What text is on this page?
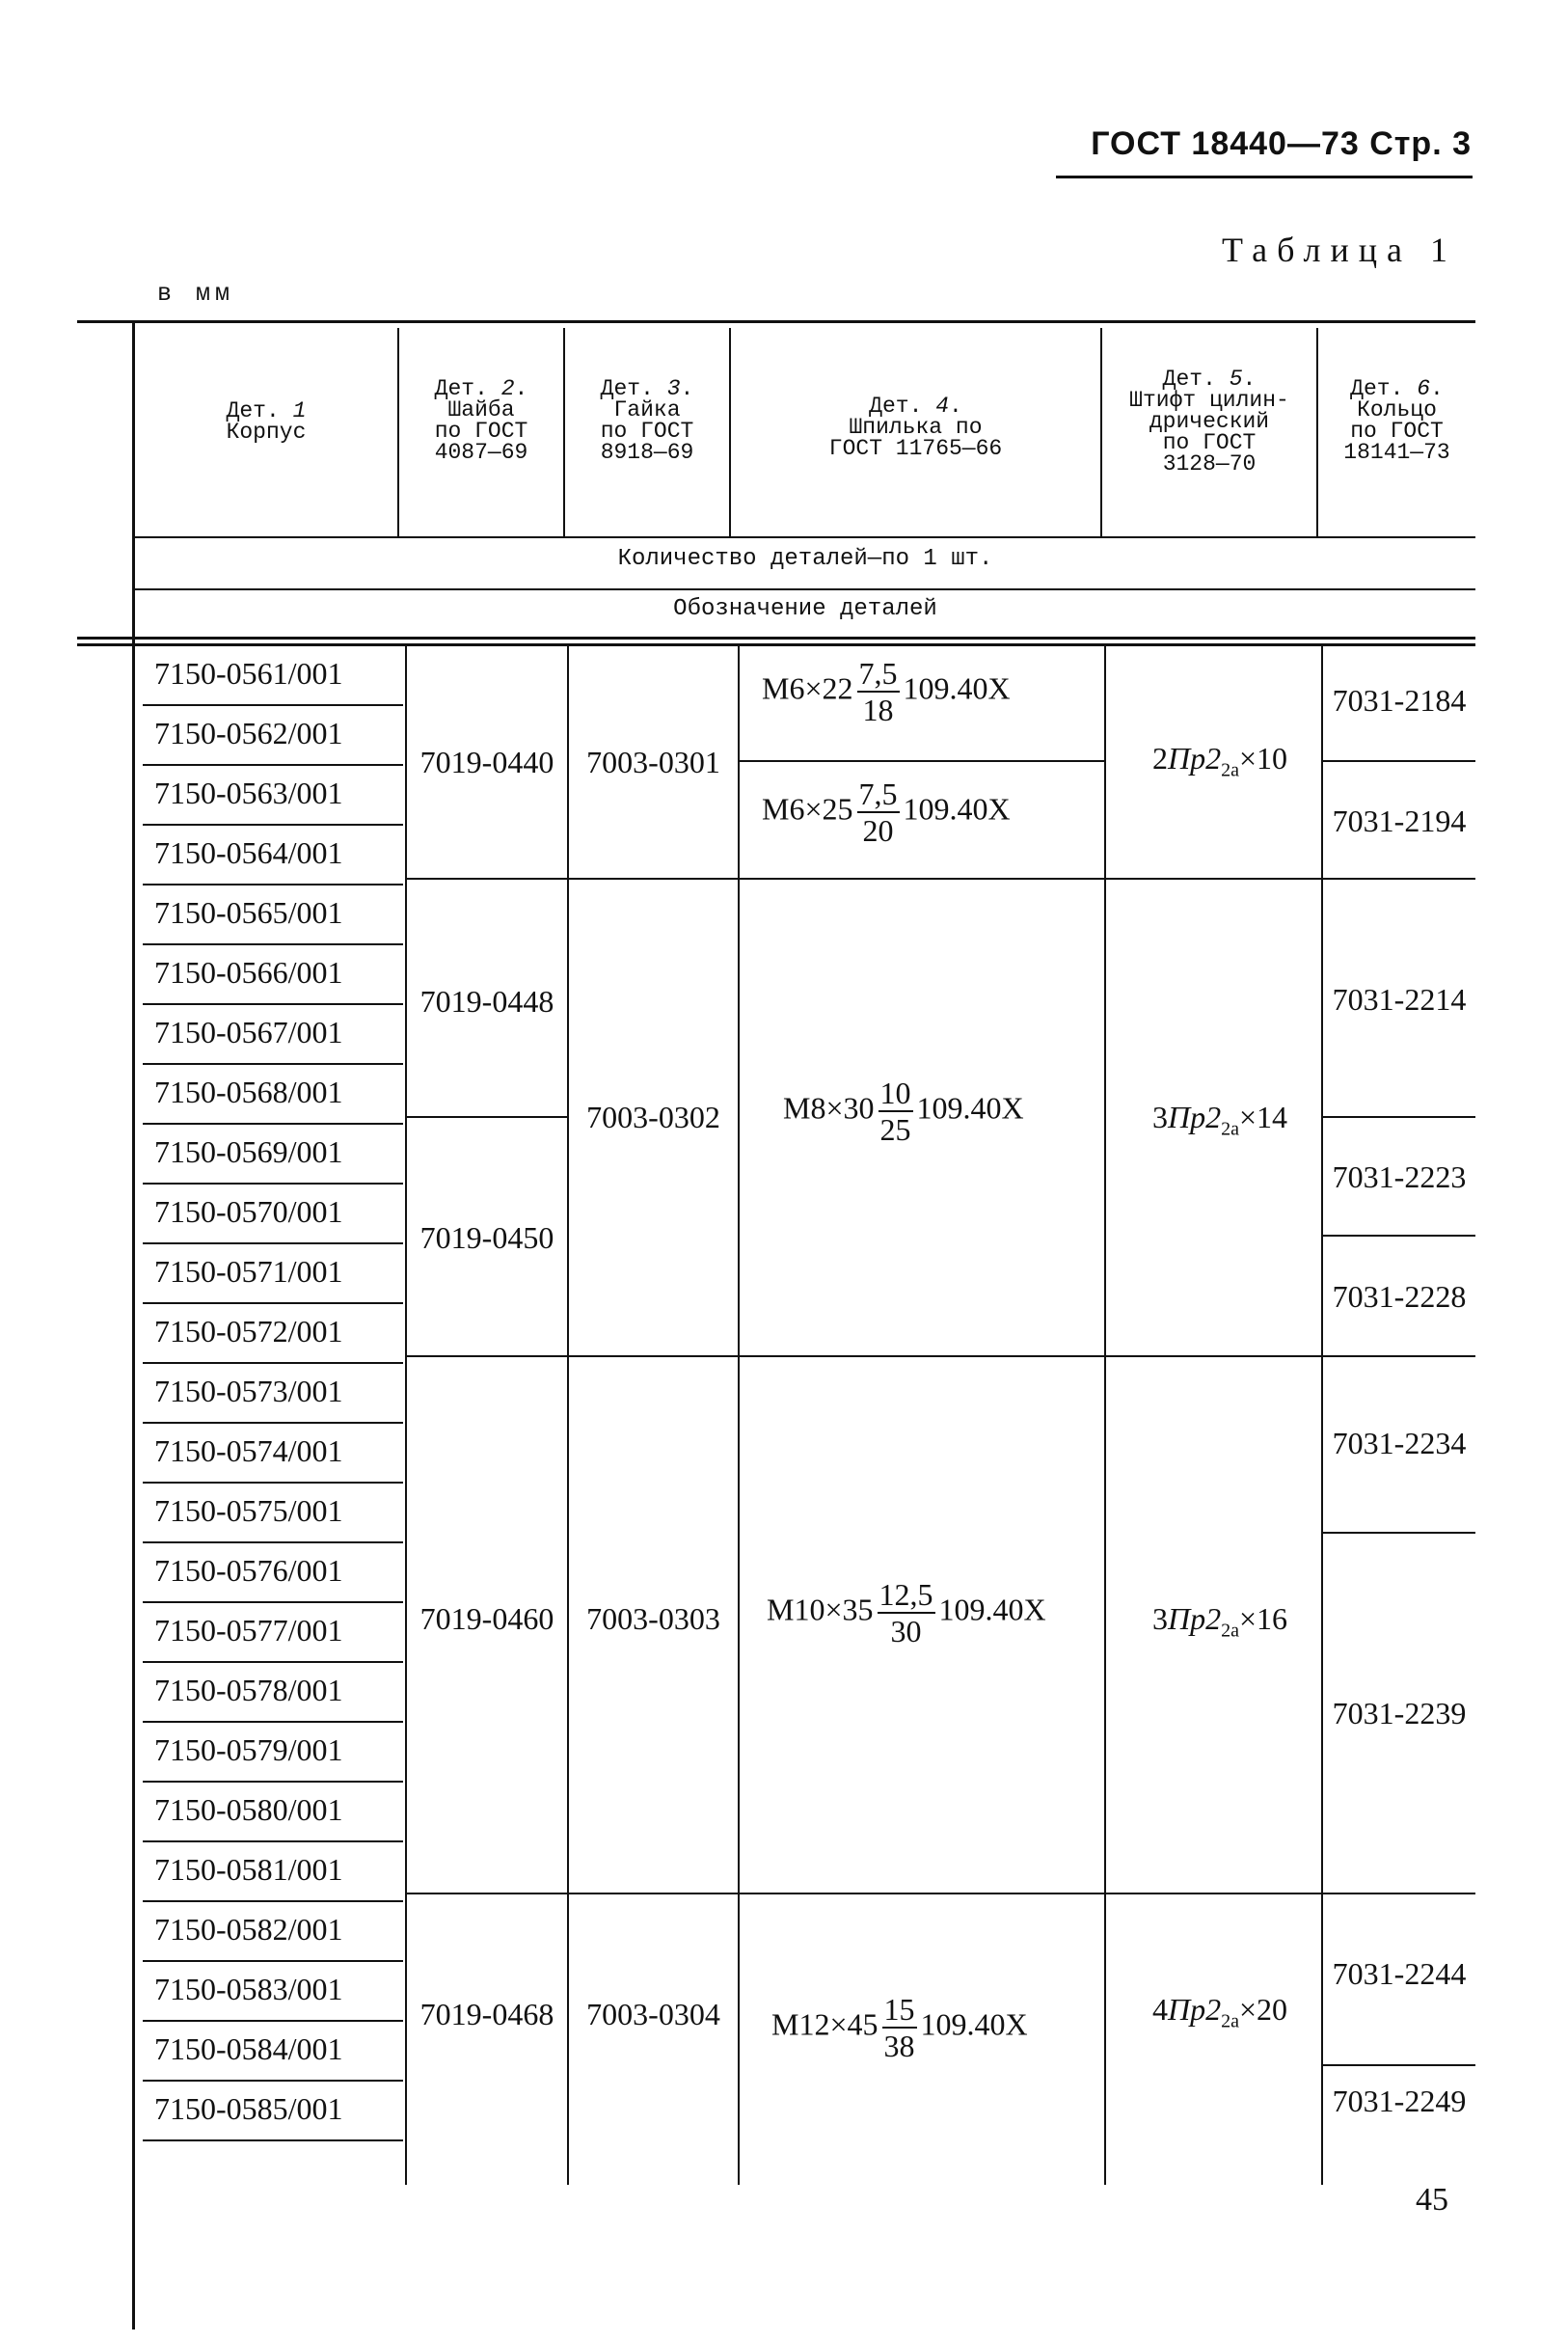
ГОСТ 18440—73 Стр. 3
Таблица 1
в мм
Дет. 1
Корпус
Дет. 2.
Шайба
по ГОСТ
4087—69
Дет. 3.
Гайка
по ГОСТ
8918—69
Дет. 4.
Шпилька по
ГОСТ 11765—66
Дет. 5.
Штифт цилин-
дрический
по ГОСТ
3128—70
Дет. 6.
Кольцо
по ГОСТ
18141—73
Количество деталей—по 1 шт.
Обозначение деталей
7150-0561/001
7150-0562/001
7150-0563/001
7150-0564/001
7150-0565/001
7150-0566/001
7150-0567/001
7150-0568/001
7150-0569/001
7150-0570/001
7150-0571/001
7150-0572/001
7150-0573/001
7150-0574/001
7150-0575/001
7150-0576/001
7150-0577/001
7150-0578/001
7150-0579/001
7150-0580/001
7150-0581/001
7150-0582/001
7150-0583/001
7150-0584/001
7150-0585/001
7019-0440
7019-0448
7019-0450
7019-0460
7019-0468
7003-0301
7003-0302
7003-0303
7003-0304
$M6\times 22 \frac{7,5}{18} 109.40X$
$M6\times 25 \frac{7,5}{20} 109.40X$
$M8\times 30 \frac{10}{25} 109.40X$
$M10\times 35 \frac{12,5}{30} 109.40X$
$M12\times 45 \frac{15}{38} 109.40X$
$2Пр2_{2а}\times 10$
$3Пр2_{2а}\times 14$
$3Пр2_{2а}\times 16$
$4Пр2_{2а}\times 20$
7031-2184
7031-2194
7031-2214
7031-2223
7031-2228
7031-2234
7031-2239
7031-2244
7031-2249
45
